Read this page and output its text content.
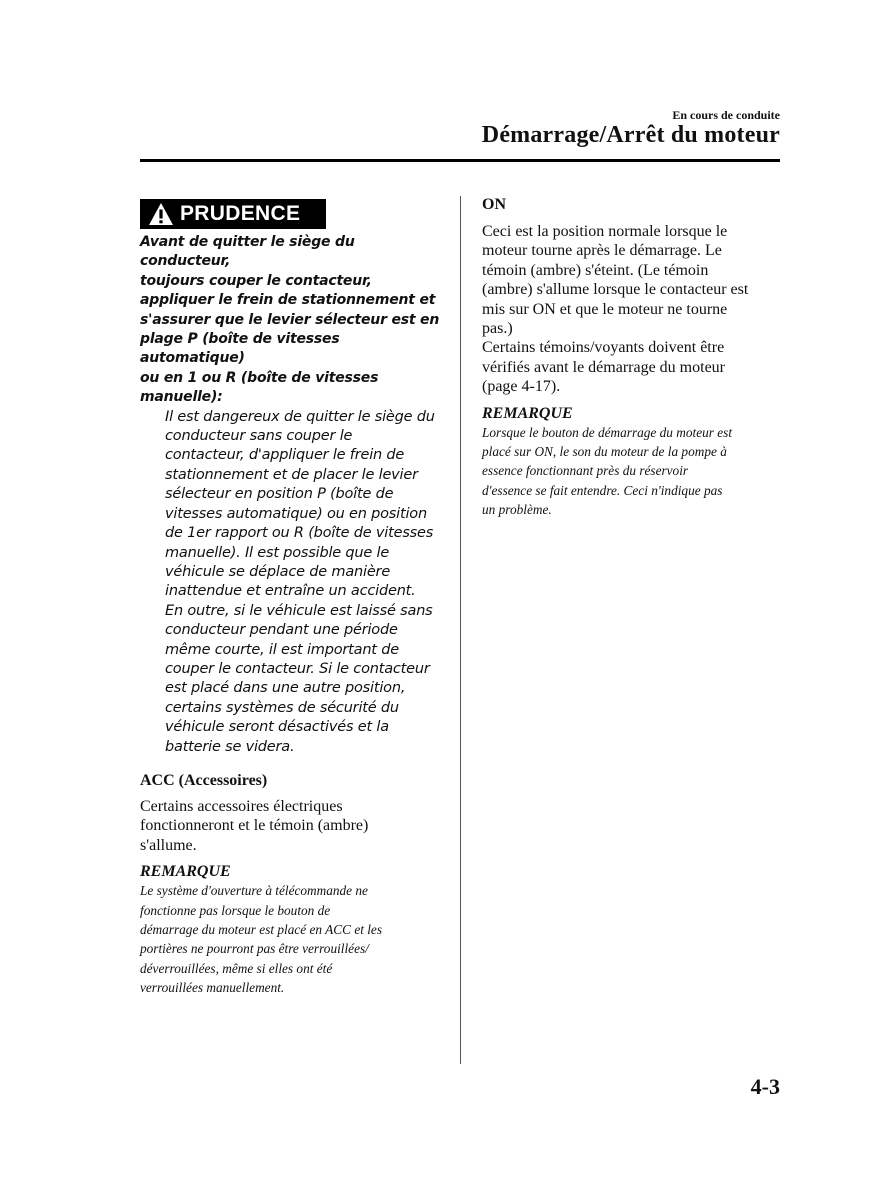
En cours de conduite
Démarrage/Arrêt du moteur
PRUDENCE

Avant de quitter le siège du conducteur,
toujours couper le contacteur,
appliquer le frein de stationnement et
s'assurer que le levier sélecteur est en
plage P (boîte de vitesses automatique)
ou en 1 ou R (boîte de vitesses
manuelle):

Il est dangereux de quitter le siège du
conducteur sans couper le
contacteur, d'appliquer le frein de
stationnement et de placer le levier
sélecteur en position P (boîte de
vitesses automatique) ou en position
de 1er rapport ou R (boîte de vitesses
manuelle). Il est possible que le
véhicule se déplace de manière
inattendue et entraîne un accident.
En outre, si le véhicule est laissé sans
conducteur pendant une période
même courte, il est important de
couper le contacteur. Si le contacteur
est placé dans une autre position,
certains systèmes de sécurité du
véhicule seront désactivés et la
batterie se videra.

ACC (Accessoires)

Certains accessoires électriques
fonctionneront et le témoin (ambre)
s'allume.

REMARQUE

Le système d'ouverture à télécommande ne
fonctionne pas lorsque le bouton de
démarrage du moteur est placé en ACC et les
portières ne pourront pas être verrouillées/
déverrouillées, même si elles ont été
verrouillées manuellement.

ON

Ceci est la position normale lorsque le
moteur tourne après le démarrage. Le
témoin (ambre) s'éteint. (Le témoin
(ambre) s'allume lorsque le contacteur est
mis sur ON et que le moteur ne tourne
pas.)
Certains témoins/voyants doivent être
vérifiés avant le démarrage du moteur
(page 4-17).

REMARQUE

Lorsque le bouton de démarrage du moteur est
placé sur ON, le son du moteur de la pompe à
essence fonctionnant près du réservoir
d'essence se fait entendre. Ceci n'indique pas
un problème.

4-3
